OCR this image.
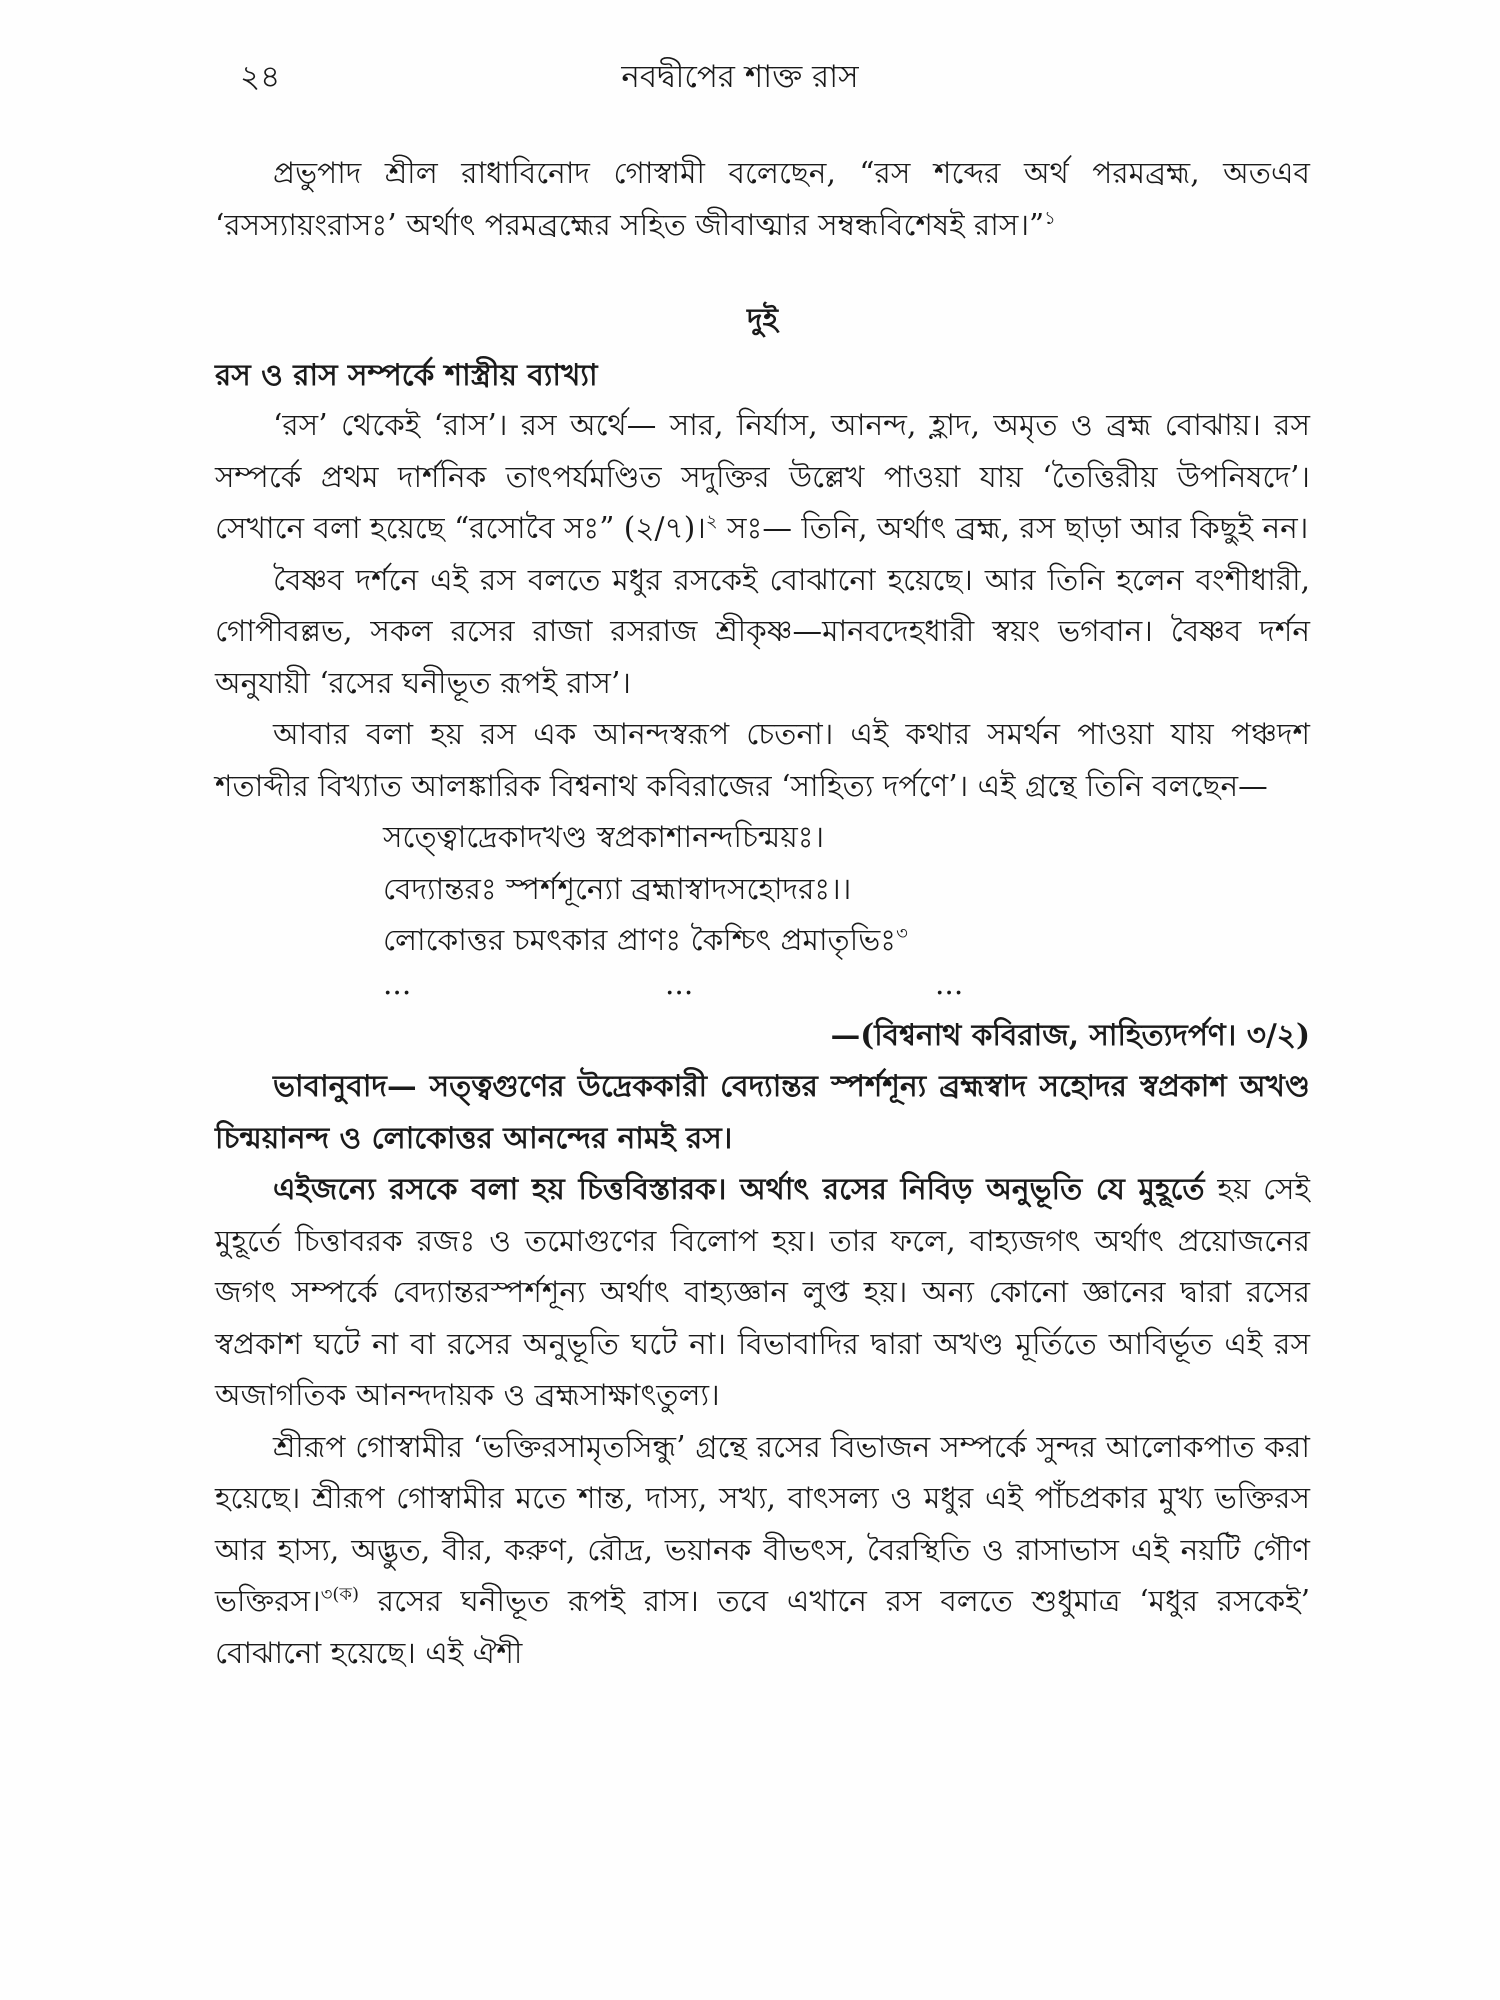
২৪	নবদ্বীপের শাক্ত রাস

প্রভুপাদ শ্রীল রাধাবিনোদ গোস্বামী বলেছেন, “রস শব্দের অর্থ পরমব্রহ্ম, অতএব ‘রসস্যায়ংরাসঃ’ অর্থাৎ পরমব্রহ্মের সহিত জীবাত্মার সম্বন্ধবিশেষই রাস।”$^১$

দুই

রস ও রাস সম্পর্কে শাস্ত্রীয় ব্যাখ্যা

‘রস’ থেকেই ‘রাস’। রস অর্থে— সার, নির্যাস, আনন্দ, হ্লাদ, অমৃত ও ব্রহ্ম বোঝায়। রস সম্পর্কে প্রথম দার্শনিক তাৎপর্যমণ্ডিত সদুক্তির উল্লেখ পাওয়া যায় ‘তৈত্তিরীয় উপনিষদে’। সেখানে বলা হয়েছে “রসোবৈ সঃ” (২/৭)।$^২$ সঃ— তিনি, অর্থাৎ ব্রহ্ম, রস ছাড়া আর কিছুই নন।

বৈষ্ণব দর্শনে এই রস বলতে মধুর রসকেই বোঝানো হয়েছে। আর তিনি হলেন বংশীধারী, গোপীবল্লভ, সকল রসের রাজা রসরাজ শ্রীকৃষ্ণ—মানবদেহধারী স্বয়ং ভগবান। বৈষ্ণব দর্শন অনুযায়ী ‘রসের ঘনীভূত রূপই রাস’।

আবার বলা হয় রস এক আনন্দস্বরূপ চেতনা। এই কথার সমর্থন পাওয়া যায় পঞ্চদশ শতাব্দীর বিখ্যাত আলঙ্কারিক বিশ্বনাথ কবিরাজের ‘সাহিত্য দর্পণে’। এই গ্রন্থে তিনি বলছেন—

সত্ত্বোদ্রেকাদখণ্ড স্বপ্রকাশানন্দচিন্ময়ঃ।

বেদ্যান্তরঃ স্পর্শশূন্যো ব্রহ্মাস্বাদসহোদরঃ।।

লোকোত্তর চমৎকার প্রাণঃ কৈশ্চিৎ প্রমাতৃভিঃ$^৩$

...	...	...

—(বিশ্বনাথ কবিরাজ, সাহিত্যদর্পণ। ৩/২)

ভাবানুবাদ— সত্ত্বগুণের উদ্রেককারী বেদ্যান্তর স্পর্শশূন্য ব্রহ্মস্বাদ সহোদর স্বপ্রকাশ অখণ্ড চিন্ময়ানন্দ ও লোকোত্তর আনন্দের নামই রস।

এইজন্যে রসকে বলা হয় চিত্তবিস্তারক। অর্থাৎ রসের নিবিড় অনুভূতি যে মুহূর্তে হয় সেই মুহূর্তে চিত্তাবরক রজঃ ও তমোগুণের বিলোপ হয়। তার ফলে, বাহ্যজগৎ অর্থাৎ প্রয়োজনের জগৎ সম্পর্কে বেদ্যান্তরস্পর্শশূন্য অর্থাৎ বাহ্যজ্ঞান লুপ্ত হয়। অন্য কোনো জ্ঞানের দ্বারা রসের স্বপ্রকাশ ঘটে না বা রসের অনুভূতি ঘটে না। বিভাবাদির দ্বারা অখণ্ড মূর্তিতে আবির্ভূত এই রস অজাগতিক আনন্দদায়ক ও ব্রহ্মসাক্ষাৎতুল্য।

শ্রীরূপ গোস্বামীর ‘ভক্তিরসামৃতসিন্ধু’ গ্রন্থে রসের বিভাজন সম্পর্কে সুন্দর আলোকপাত করা হয়েছে। শ্রীরূপ গোস্বামীর মতে শান্ত, দাস্য, সখ্য, বাৎসল্য ও মধুর এই পাঁচপ্রকার মুখ্য ভক্তিরস আর হাস্য, অদ্ভুত, বীর, করুণ, রৌদ্র, ভয়ানক বীভৎস, বৈরস্থিতি ও রাসাভাস এই নয়টি গৌণ ভক্তিরস।$^{৩(ক)}$ রসের ঘনীভূত রূপই রাস। তবে এখানে রস বলতে শুধুমাত্র ‘মধুর রসকেই’ বোঝানো হয়েছে। এই ঐশী
